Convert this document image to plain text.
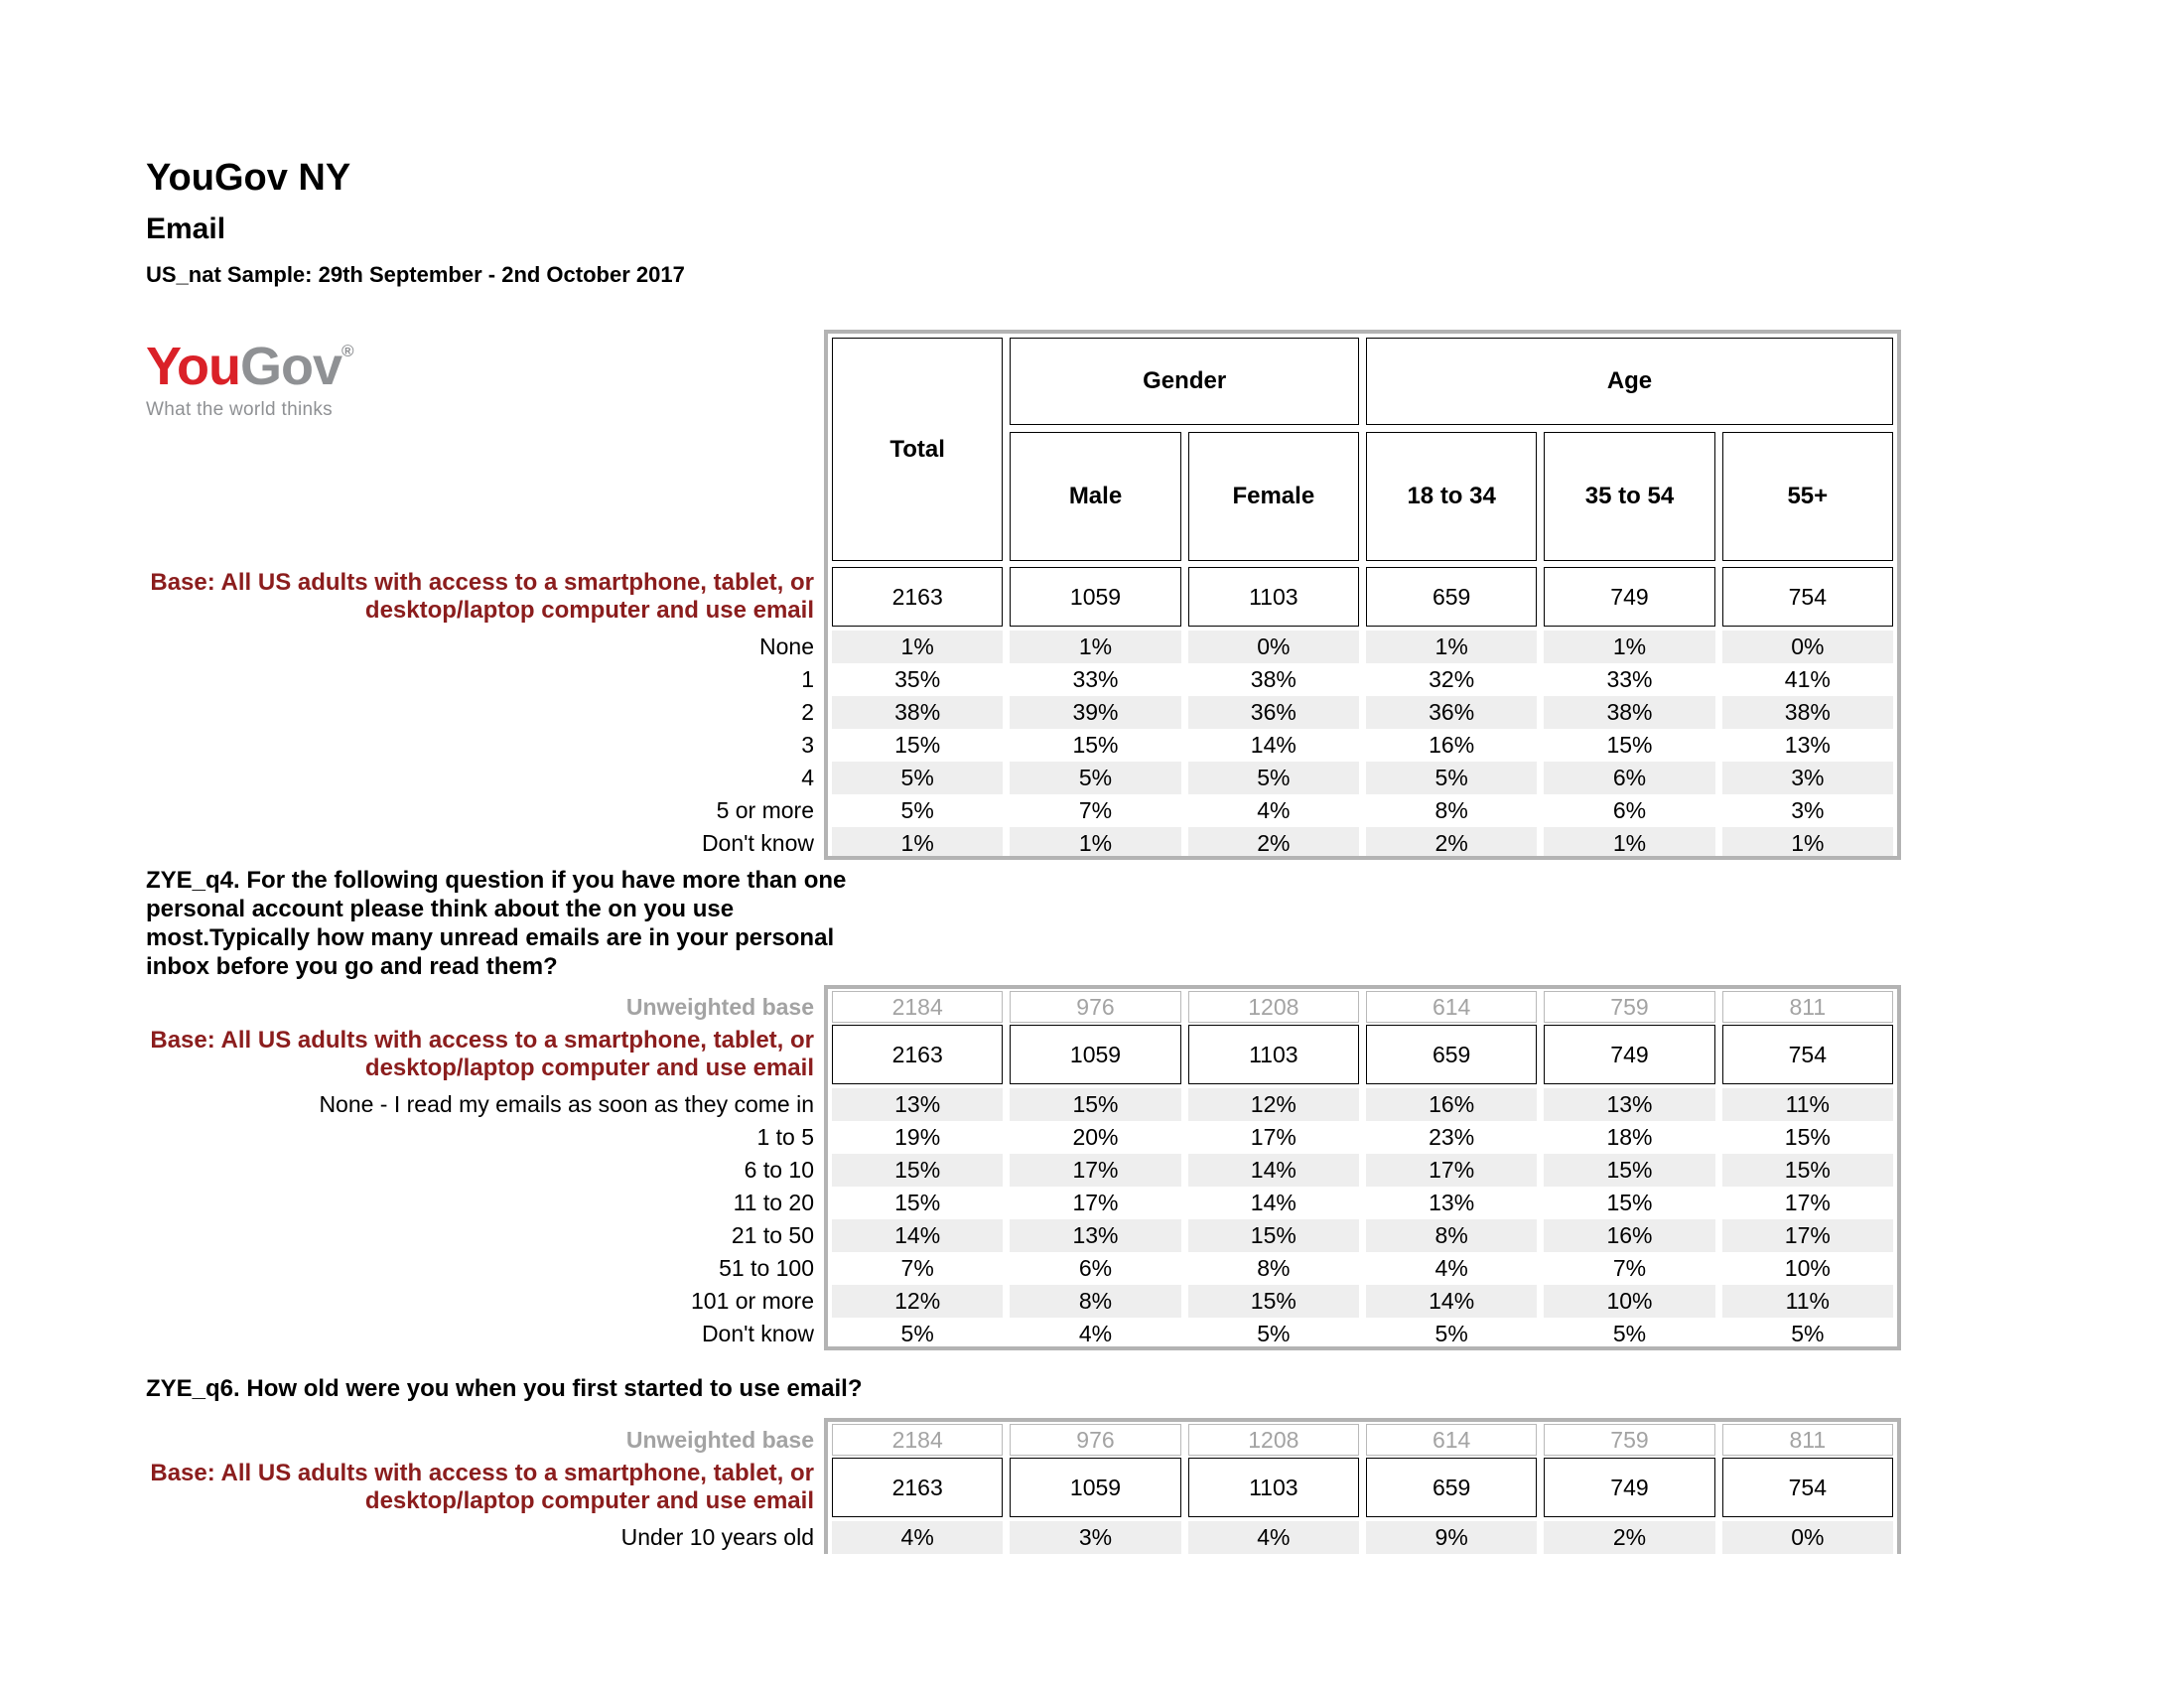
YouGov NY
Email
US_nat Sample: 29th September - 2nd October 2017
YouGov®
What the world thinks
Total
Gender	Age
Male	Female	18 to 34	35 to 54	55+
Base: All US adults with access to a smartphone, tablet, or
desktop/laptop computer and use email
2163	1059	1103	659	749	754
None	1%	1%	0%	1%	1%	0%
1	35%	33%	38%	32%	33%	41%
2	38%	39%	36%	36%	38%	38%
3	15%	15%	14%	16%	15%	13%
4	5%	5%	5%	5%	6%	3%
5 or more	5%	7%	4%	8%	6%	3%
Don't know	1%	1%	2%	2%	1%	1%
ZYE_q4. For the following question if you have more than one
personal account please think about the on you use
most.Typically how many unread emails are in your personal
inbox before you go and read them?
Unweighted base	2184	976	1208	614	759	811
Base: All US adults with access to a smartphone, tablet, or
desktop/laptop computer and use email
2163	1059	1103	659	749	754
None - I read my emails as soon as they come in	13%	15%	12%	16%	13%	11%
1 to 5	19%	20%	17%	23%	18%	15%
6 to 10	15%	17%	14%	17%	15%	15%
11 to 20	15%	17%	14%	13%	15%	17%
21 to 50	14%	13%	15%	8%	16%	17%
51 to 100	7%	6%	8%	4%	7%	10%
101 or more	12%	8%	15%	14%	10%	11%
Don't know	5%	4%	5%	5%	5%	5%
ZYE_q6. How old were you when you first started to use email?
Unweighted base	2184	976	1208	614	759	811
Base: All US adults with access to a smartphone, tablet, or
desktop/laptop computer and use email
2163	1059	1103	659	749	754
Under 10 years old	4%	3%	4%	9%	2%	0%
